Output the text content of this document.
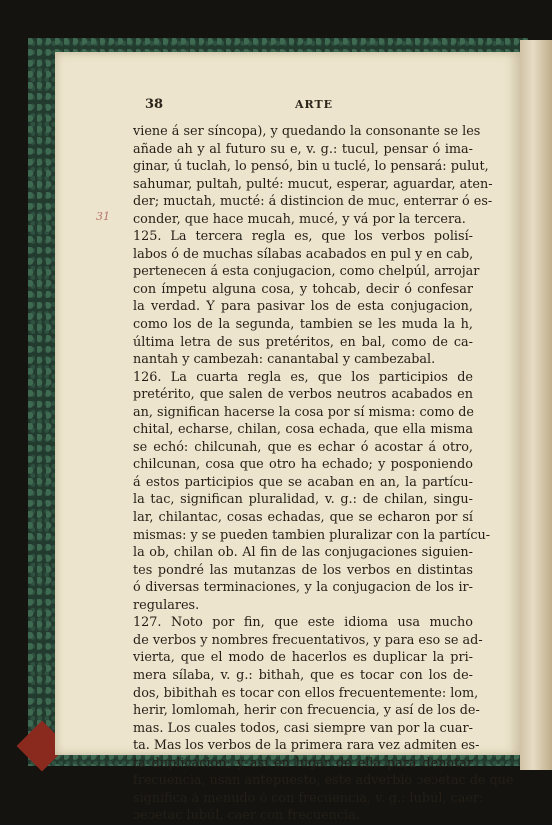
38	ARTE
31
viene á ser síncopa), y quedando la consonante se les
añade ah y al futuro su e, v. g.: tucul, pensar ó ima-
ginar, ú tuclah, lo pensó, bin u tuclé, lo pensará: pulut,
sahumar, pultah, pulté: mucut, esperar, aguardar, aten-
der; muctah, mucté: á distincion de muc, enterrar ó es-
conder, que hace mucah, mucé, y vá por la tercera.
125. La tercera regla es, que los verbos polisí-
labos ó de muchas sílabas acabados en pul y en cab,
pertenecen á esta conjugacion, como chelpúl, arrojar
con ímpetu alguna cosa, y tohcab, decir ó confesar
la verdad. Y para pasivar los de esta conjugacion,
como los de la segunda, tambien se les muda la h,
última letra de sus pretéritos, en bal, como de ca-
nantah y cambezah: canantabal y cambezabal.
126. La cuarta regla es, que los participios de
pretérito, que salen de verbos neutros acabados en
an, significan hacerse la cosa por sí misma: como de
chital, echarse, chilan, cosa echada, que ella misma
se echó: chilcunah, que es echar ó acostar á otro,
chilcunan, cosa que otro ha echado; y posponiendo
á estos participios que se acaban en an, la partícu-
la tac, significan pluralidad, v. g.: de chilan, singu-
lar, chilantac, cosas echadas, que se echaron por sí
mismas: y se pueden tambien pluralizar con la partícu-
la ob, chilan ob. Al fin de las conjugaciones siguien-
tes pondré las mutanzas de los verbos en distintas
ó diversas terminaciones, y la conjugacion de los ir-
regulares.
127. Noto por fin, que este idioma usa mucho
de verbos y nombres frecuentativos, y para eso se ad-
vierta, que el modo de hacerlos es duplicar la pri-
mera sílaba, v. g.: bithah, que es tocar con los de-
dos, bibithah es tocar con ellos frecuentemente: lom,
herir, lomlomah, herir con frecuencia, y así de los de-
mas. Los cuales todos, casi siempre van por la cuar-
ta. Mas los verbos de la primera rara vez admiten es-
ta duplicacion; y así en lugar de ella para denotar
frecuencia, usan antepuesto, este adverbio ɔeɔetac de que
significa á menudo ó con frecuencia, v. g.: lubúl, caer:
ɔeɔetac lubúl, caer con frecuencia.
